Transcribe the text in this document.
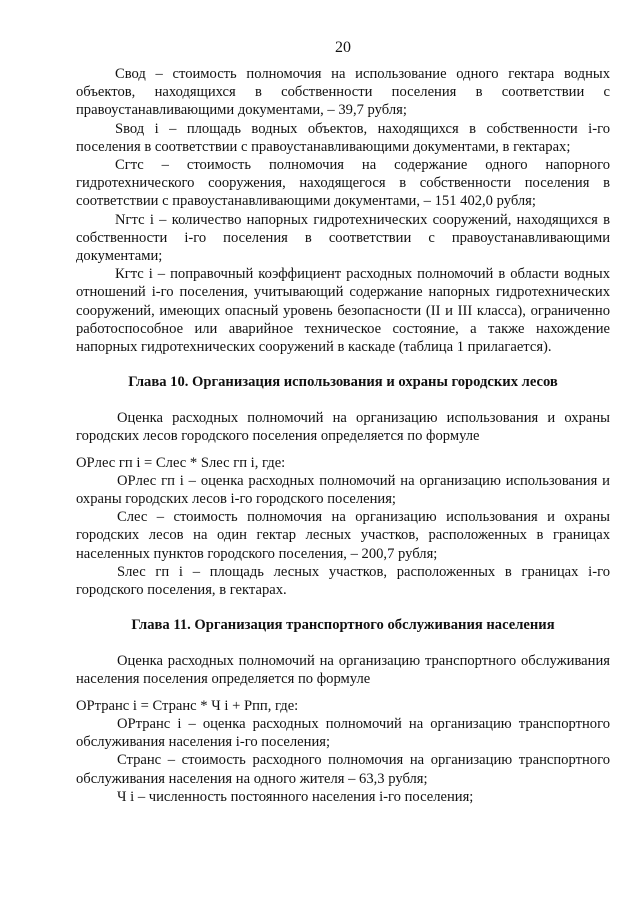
20

Свод – стоимость полномочия на использование одного гектара водных объектов, находящихся в собственности поселения в соответствии с правоустанавливающими документами, – 39,7 рубля;

Sвод i – площадь водных объектов, находящихся в собственности i-го поселения в соответствии с правоустанавливающими документами, в гектарах;

Сгтс – стоимость полномочия на содержание одного напорного гидротехнического сооружения, находящегося в собственности поселения в соответствии с правоустанавливающими документами, – 151 402,0 рубля;

Nгтс i – количество напорных гидротехнических сооружений, находящихся в собственности i-го поселения в соответствии с правоустанавливающими документами;

Кгтс i – поправочный коэффициент расходных полномочий в области водных отношений i-го поселения, учитывающий содержание напорных гидротехнических сооружений, имеющих опасный уровень безопасности (II и III класса), ограниченно работоспособное или аварийное техническое состояние, а также нахождение напорных гидротехнических сооружений в каскаде (таблица 1 прилагается).

Глава 10. Организация использования и охраны городских лесов

Оценка расходных полномочий на организацию использования и охраны городских лесов городского поселения определяется по формуле

ОРлес гп i = Слес * Sлес гп i, где:

ОРлес гп i – оценка расходных полномочий на организацию использования и охраны городских лесов i-го городского поселения;

Слес – стоимость полномочия на организацию использования и охраны городских лесов на один гектар лесных участков, расположенных в границах населенных пунктов городского поселения, – 200,7 рубля;

Sлес гп i – площадь лесных участков, расположенных в границах i-го городского поселения, в гектарах.

Глава 11. Организация транспортного обслуживания населения

Оценка расходных полномочий на организацию транспортного обслуживания населения поселения определяется по формуле

ОРтранс i = Странс * Ч i + Рпп, где:

ОРтранс i – оценка расходных полномочий на организацию транспортного обслуживания населения i-го поселения;

Странс – стоимость расходного полномочия на организацию транспортного обслуживания населения на одного жителя – 63,3 рубля;

Ч i – численность постоянного населения i-го поселения;
